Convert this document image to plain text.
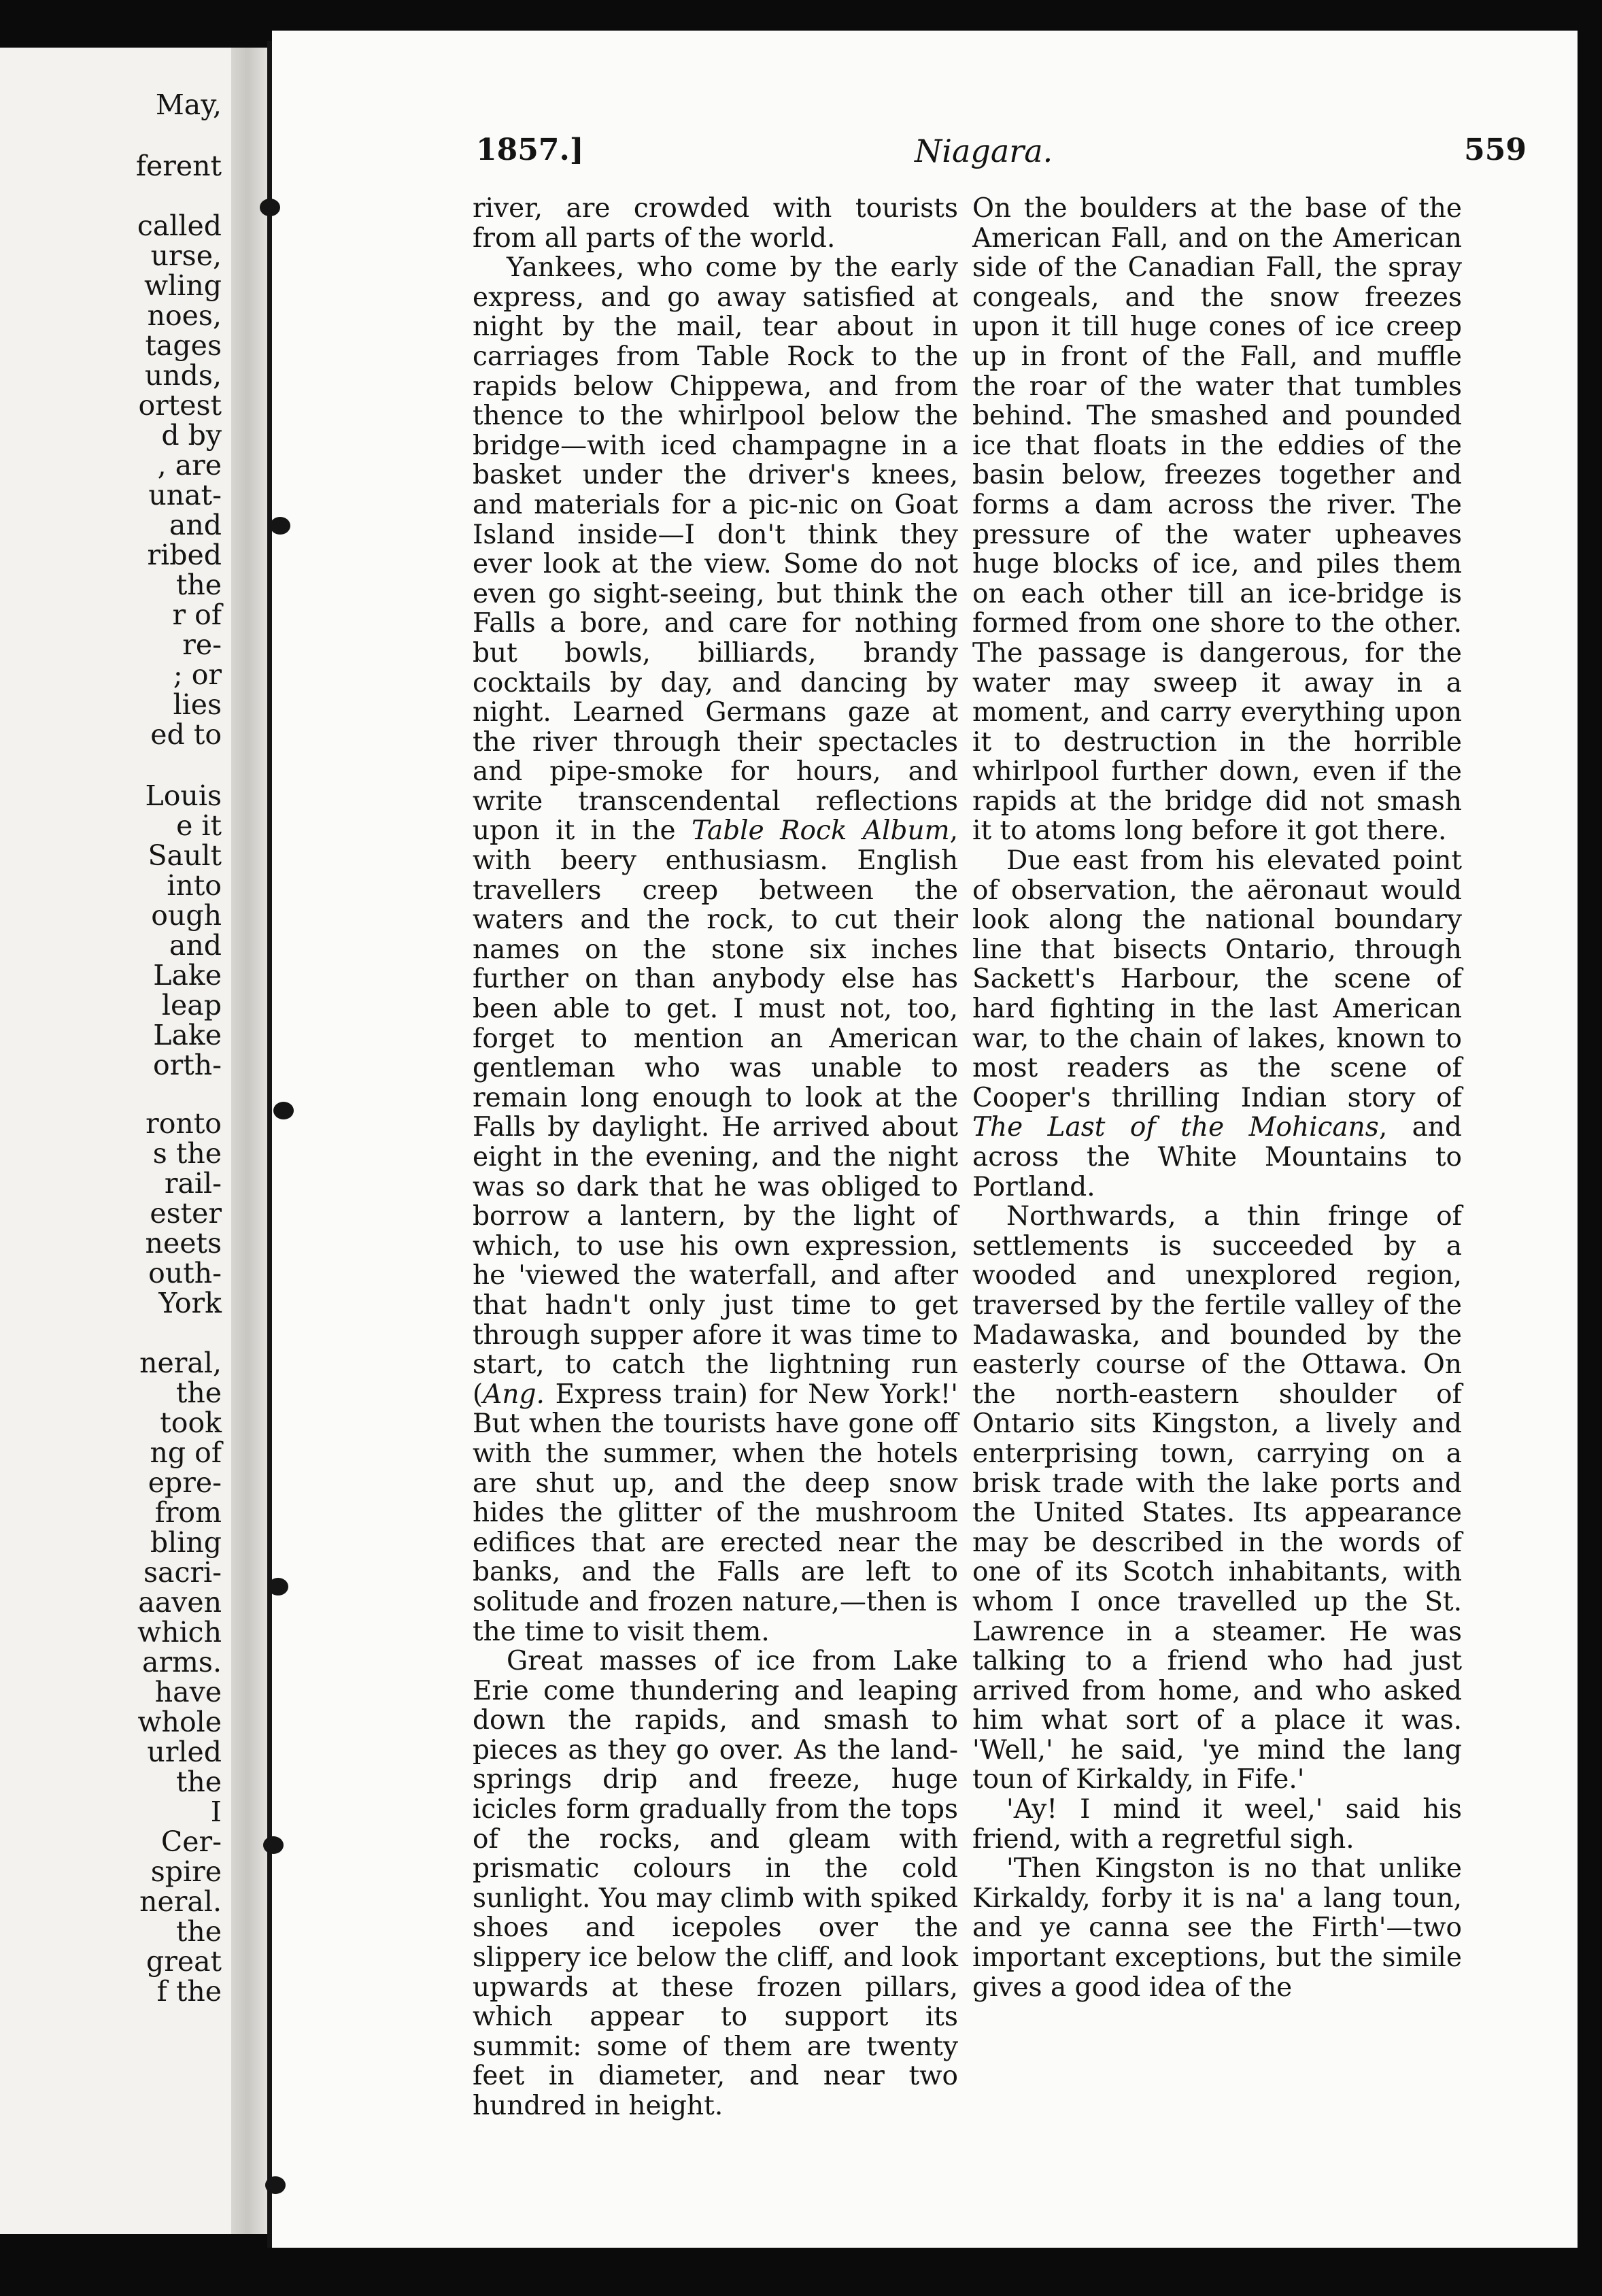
May,
ferent
called
urse,
wling
noes,
tages
unds,
ortest
d by
, are
unat-
and
ribed
the
r of
re-
; or
lies
ed to
Louis
e it
Sault
into
ough
and
Lake
leap
Lake
orth-
ronto
s the
rail-
ester
neets
outh-
York
neral,
the
took
ng of
epre-
from
bling
sacri-
aaven
which
arms.
have
whole
urled
the
I
Cer-
spire
neral.
the
great
f the
1857.]	Niagara.	559

river, are crowded with tourists from all parts of the world.

Yankees, who come by the early express, and go away satisfied at night by the mail, tear about in carriages from Table Rock to the rapids below Chippewa, and from thence to the whirlpool below the bridge—with iced champagne in a basket under the driver's knees, and materials for a pic-nic on Goat Island inside—I don't think they ever look at the view. Some do not even go sight-seeing, but think the Falls a bore, and care for nothing but bowls, billiards, brandy cocktails by day, and dancing by night. Learned Germans gaze at the river through their spectacles and pipe-smoke for hours, and write transcendental reflections upon it in the Table Rock Album, with beery enthusiasm. English travellers creep between the waters and the rock, to cut their names on the stone six inches further on than anybody else has been able to get. I must not, too, forget to mention an American gentleman who was unable to remain long enough to look at the Falls by daylight. He arrived about eight in the evening, and the night was so dark that he was obliged to borrow a lantern, by the light of which, to use his own expression, he 'viewed the waterfall, and after that hadn't only just time to get through supper afore it was time to start, to catch the lightning run (Ang. Express train) for New York!' But when the tourists have gone off with the summer, when the hotels are shut up, and the deep snow hides the glitter of the mushroom edifices that are erected near the banks, and the Falls are left to solitude and frozen nature,—then is the time to visit them.

Great masses of ice from Lake Erie come thundering and leaping down the rapids, and smash to pieces as they go over. As the land-springs drip and freeze, huge icicles form gradually from the tops of the rocks, and gleam with prismatic colours in the cold sunlight. You may climb with spiked shoes and icepoles over the slippery ice below the cliff, and look upwards at these frozen pillars, which appear to support its summit: some of them are twenty feet in diameter, and near two hundred in height.

On the boulders at the base of the American Fall, and on the American side of the Canadian Fall, the spray congeals, and the snow freezes upon it till huge cones of ice creep up in front of the Fall, and muffle the roar of the water that tumbles behind. The smashed and pounded ice that floats in the eddies of the basin below, freezes together and forms a dam across the river. The pressure of the water upheaves huge blocks of ice, and piles them on each other till an ice-bridge is formed from one shore to the other. The passage is dangerous, for the water may sweep it away in a moment, and carry everything upon it to destruction in the horrible whirlpool further down, even if the rapids at the bridge did not smash it to atoms long before it got there.

Due east from his elevated point of observation, the aëronaut would look along the national boundary line that bisects Ontario, through Sackett's Harbour, the scene of hard fighting in the last American war, to the chain of lakes, known to most readers as the scene of Cooper's thrilling Indian story of The Last of the Mohicans, and across the White Mountains to Portland.

Northwards, a thin fringe of settlements is succeeded by a wooded and unexplored region, traversed by the fertile valley of the Madawaska, and bounded by the easterly course of the Ottawa. On the north-eastern shoulder of Ontario sits Kingston, a lively and enterprising town, carrying on a brisk trade with the lake ports and the United States. Its appearance may be described in the words of one of its Scotch inhabitants, with whom I once travelled up the St. Lawrence in a steamer. He was talking to a friend who had just arrived from home, and who asked him what sort of a place it was. 'Well,' he said, 'ye mind the lang toun of Kirkaldy, in Fife.'

'Ay! I mind it weel,' said his friend, with a regretful sigh.

'Then Kingston is no that unlike Kirkaldy, forby it is na' a lang toun, and ye canna see the Firth'—two important exceptions, but the simile gives a good idea of the
